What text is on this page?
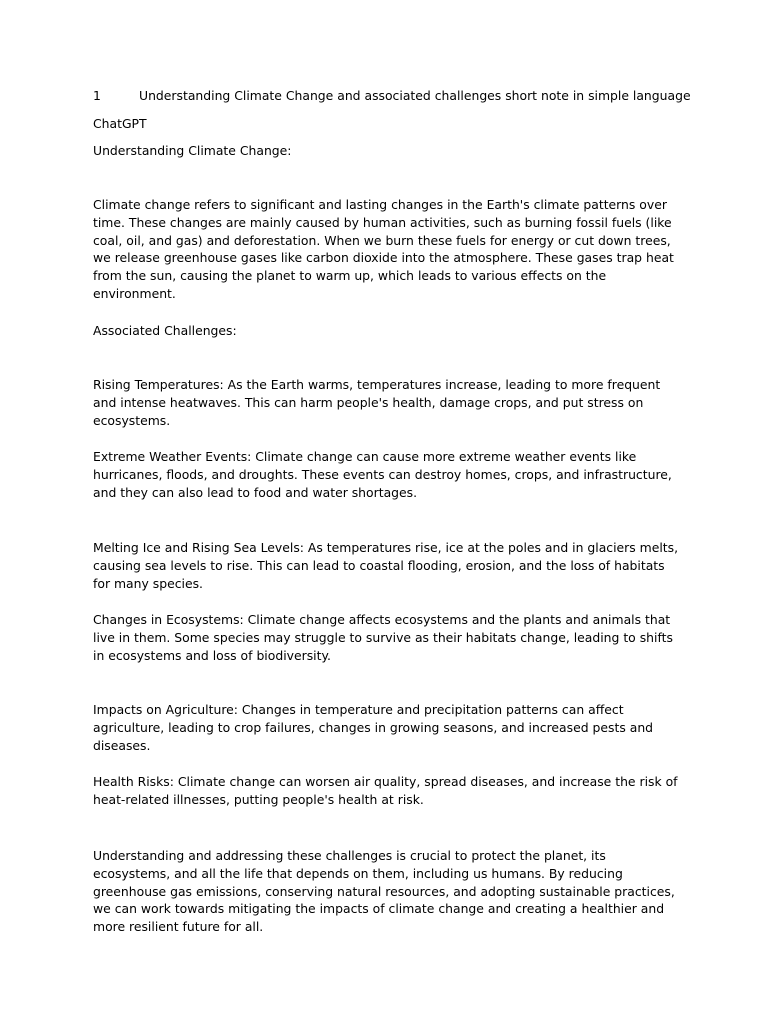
1	Understanding Climate Change and associated challenges short note in simple language

ChatGPT

Understanding Climate Change:

Climate change refers to significant and lasting changes in the Earth's climate patterns over time. These changes are mainly caused by human activities, such as burning fossil fuels (like coal, oil, and gas) and deforestation. When we burn these fuels for energy or cut down trees, we release greenhouse gases like carbon dioxide into the atmosphere. These gases trap heat from the sun, causing the planet to warm up, which leads to various effects on the environment.

Associated Challenges:

Rising Temperatures: As the Earth warms, temperatures increase, leading to more frequent and intense heatwaves. This can harm people's health, damage crops, and put stress on ecosystems.

Extreme Weather Events: Climate change can cause more extreme weather events like hurricanes, floods, and droughts. These events can destroy homes, crops, and infrastructure, and they can also lead to food and water shortages.

Melting Ice and Rising Sea Levels: As temperatures rise, ice at the poles and in glaciers melts, causing sea levels to rise. This can lead to coastal flooding, erosion, and the loss of habitats for many species.

Changes in Ecosystems: Climate change affects ecosystems and the plants and animals that live in them. Some species may struggle to survive as their habitats change, leading to shifts in ecosystems and loss of biodiversity.

Impacts on Agriculture: Changes in temperature and precipitation patterns can affect agriculture, leading to crop failures, changes in growing seasons, and increased pests and diseases.

Health Risks: Climate change can worsen air quality, spread diseases, and increase the risk of heat-related illnesses, putting people's health at risk.

Understanding and addressing these challenges is crucial to protect the planet, its ecosystems, and all the life that depends on them, including us humans. By reducing greenhouse gas emissions, conserving natural resources, and adopting sustainable practices, we can work towards mitigating the impacts of climate change and creating a healthier and more resilient future for all.
